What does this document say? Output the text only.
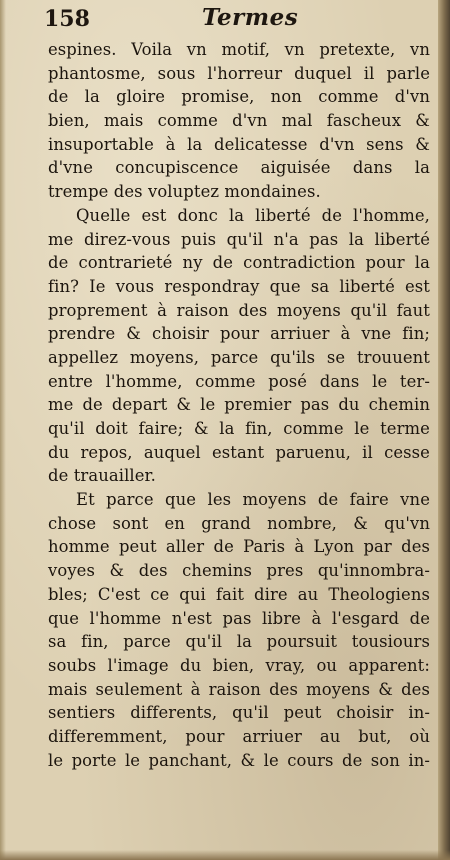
158	Termes
espines. Voila vn motif, vn pretexte, vn
phantosme, sous l'horreur duquel il parle
de la gloire promise, non comme d'vn
bien, mais comme d'vn mal fascheux &
insuportable à la delicatesse d'vn sens &
d'vne concupiscence aiguisée dans la
trempe des voluptez mondaines.
Quelle est donc la liberté de l'homme,
me direz-vous puis qu'il n'a pas la liberté
de contrarieté ny de contradiction pour la
fin? Ie vous respondray que sa liberté est
proprement à raison des moyens qu'il faut
prendre & choisir pour arriuer à vne fin;
appellez moyens, parce qu'ils se trouuent
entre l'homme, comme posé dans le ter-
me de depart & le premier pas du chemin
qu'il doit faire; & la fin, comme le terme
du repos, auquel estant paruenu, il cesse
de trauailler.
Et parce que les moyens de faire vne
chose sont en grand nombre, & qu'vn
homme peut aller de Paris à Lyon par des
voyes & des chemins pres qu'innombra-
bles; C'est ce qui fait dire au Theologiens
que l'homme n'est pas libre à l'esgard de
sa fin, parce qu'il la poursuit tousiours
soubs l'image du bien, vray, ou apparent:
mais seulement à raison des moyens & des
sentiers differents, qu'il peut choisir in-
differemment, pour arriuer au but, où
le porte le panchant, & le cours de son in-
